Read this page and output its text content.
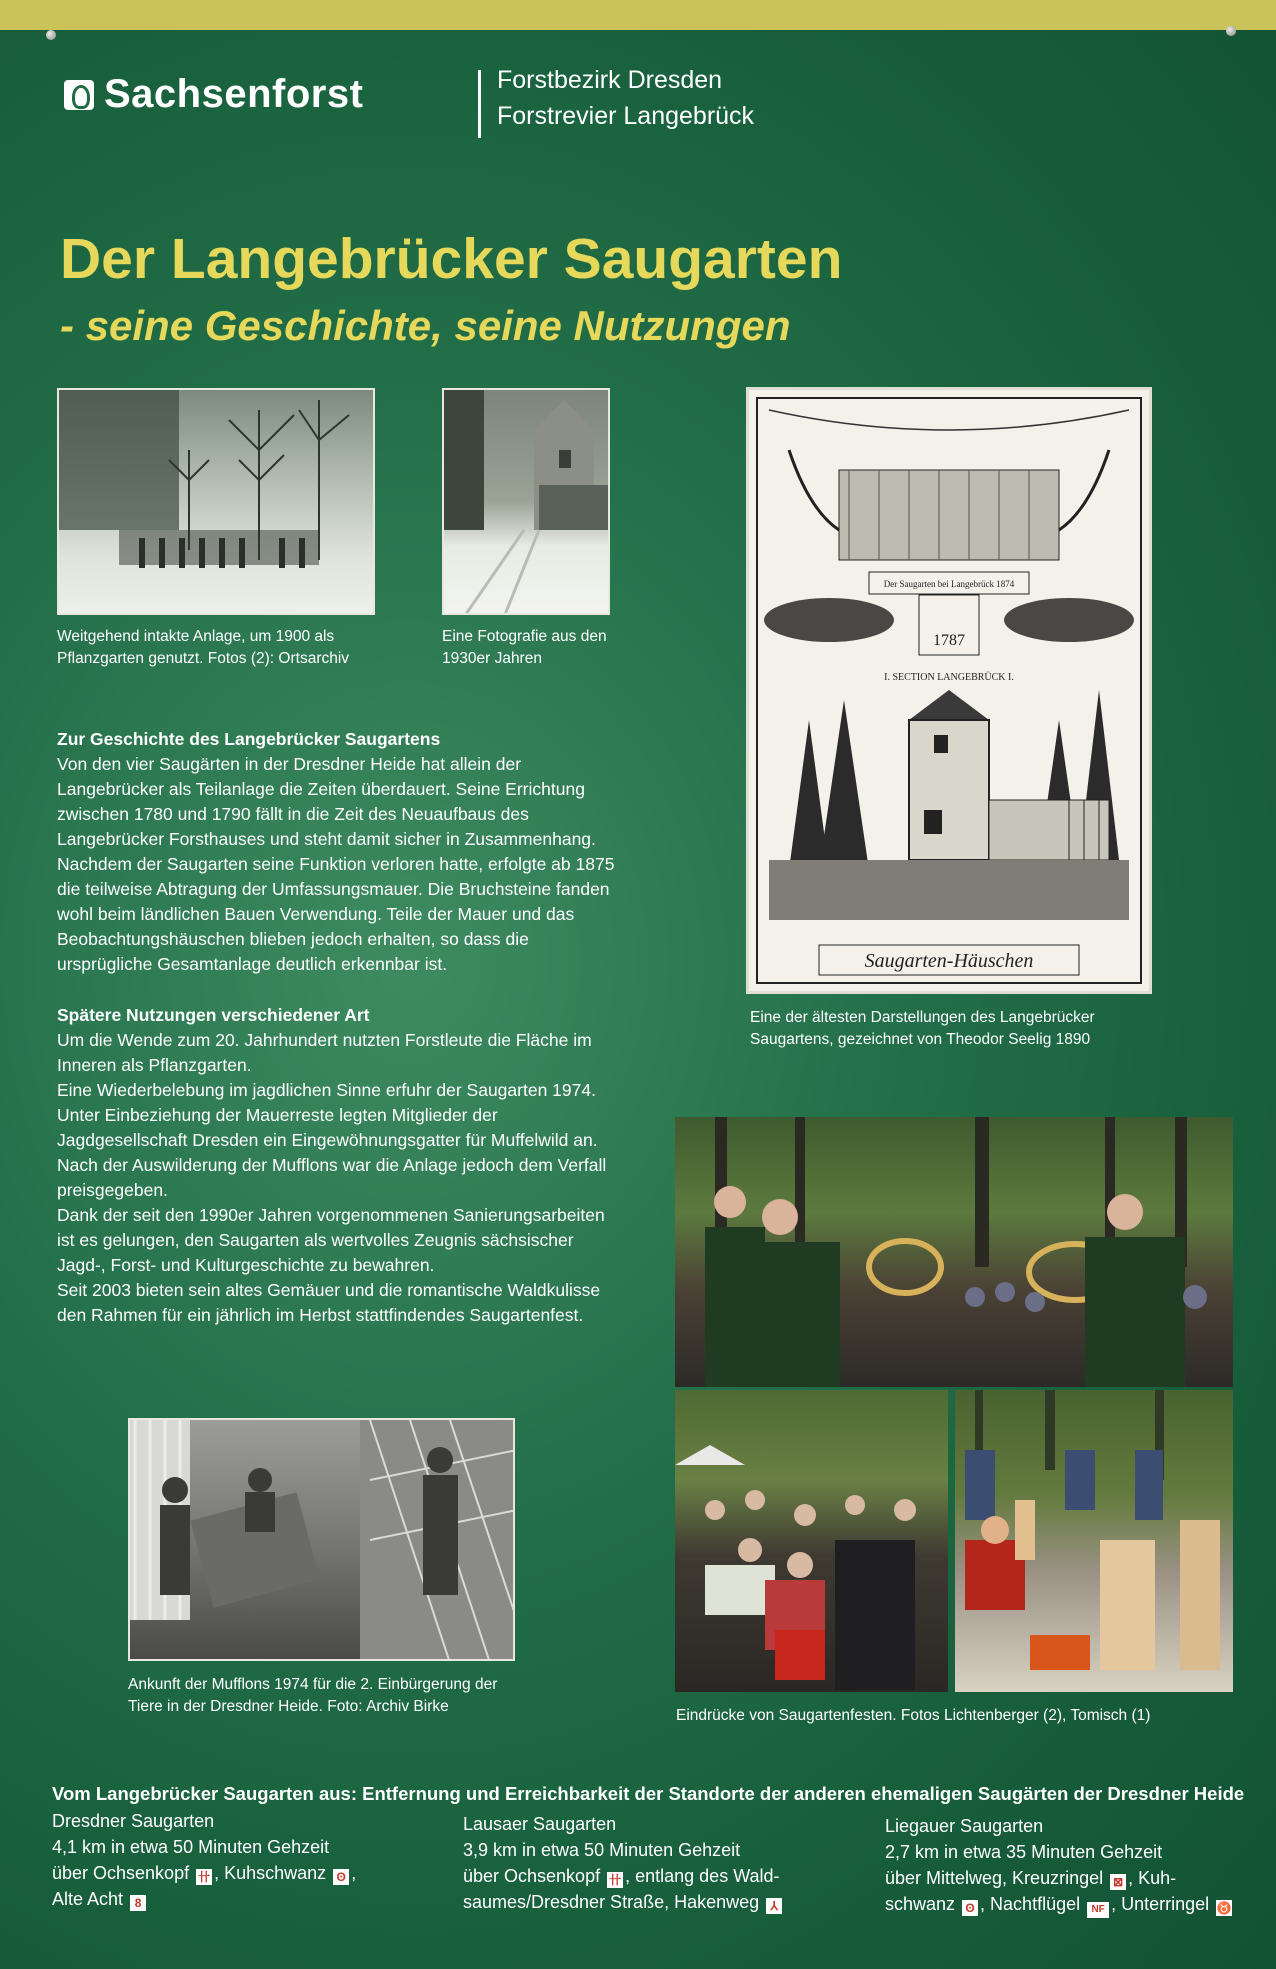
Sachsenforst	Forstbezirk Dresden
Forstrevier Langebrück
Der Langebrücker Saugarten
- seine Geschichte, seine Nutzungen
Weitgehend intakte Anlage, um 1900 als Pflanzgarten genutzt. Fotos (2): Ortsarchiv
Eine Fotografie aus den 1930er Jahren
Der Saugarten bei Langebrück 1874
1787
I. SECTION LANGEBRÜCK I.
Saugarten-Häuschen
Eine der ältesten Darstellungen des Langebrücker Saugartens, gezeichnet von Theodor Seelig 1890
Zur Geschichte des Langebrücker Saugartens

Von den vier Saugärten in der Dresdner Heide hat allein der Langebrücker als Teilanlage die Zeiten überdauert. Seine Errichtung zwischen 1780 und 1790 fällt in die Zeit des Neuaufbaus des Langebrücker Forsthauses und steht damit sicher in Zusammenhang. Nachdem der Saugarten seine Funktion verloren hatte, erfolgte ab 1875 die teilweise Abtragung der Umfassungsmauer. Die Bruchsteine fanden wohl beim ländlichen Bauen Verwendung. Teile der Mauer und das Beobachtungshäuschen blieben jedoch erhalten, so dass die ursprügliche Gesamtanlage deutlich erkennbar ist.

Spätere Nutzungen verschiedener Art

Um die Wende zum 20. Jahrhundert nutzten Forstleute die Fläche im Inneren als Pflanzgarten.

Eine Wiederbelebung im jagdlichen Sinne erfuhr der Saugarten 1974. Unter Einbeziehung der Mauerreste legten Mitglieder der Jagdgesellschaft Dresden ein Eingewöhnungsgatter für Muffelwild an. Nach der Auswilderung der Mufflons war die Anlage jedoch dem Verfall preisgegeben.

Dank der seit den 1990er Jahren vorgenommenen Sanierungsarbeiten ist es gelungen, den Saugarten als wertvolles Zeugnis sächsischer Jagd-, Forst- und Kulturgeschichte zu bewahren.

Seit 2003 bieten sein altes Gemäuer und die romantische Waldkulisse den Rahmen für ein jährlich im Herbst stattfindendes Saugartenfest.

Ankunft der Mufflons 1974 für die 2. Einbürgerung der Tiere in der Dresdner Heide. Foto: Archiv Birke
Eindrücke von Saugartenfesten. Fotos Lichtenberger (2), Tomisch (1)
Vom Langebrücker Saugarten aus: Entfernung und Erreichbarkeit der Standorte der anderen ehemaligen Saugärten der Dresdner Heide
Dresdner Saugarten
4,1 km in etwa 50 Minuten Gehzeit
über Ochsenkopf 卄 , Kuhschwanz ʘ ,
Alte Acht 8
Lausaer Saugarten
3,9 km in etwa 50 Minuten Gehzeit
über Ochsenkopf 卄 , entlang des Wald-
saumes/Dresdner Straße, Hakenweg ⅄
Liegauer Saugarten
2,7 km in etwa 35 Minuten Gehzeit
über Mittelweg, Kreuzringel ⊠ , Kuh-
schwanz ʘ , Nachtflügel NF , Unterringel ♉
